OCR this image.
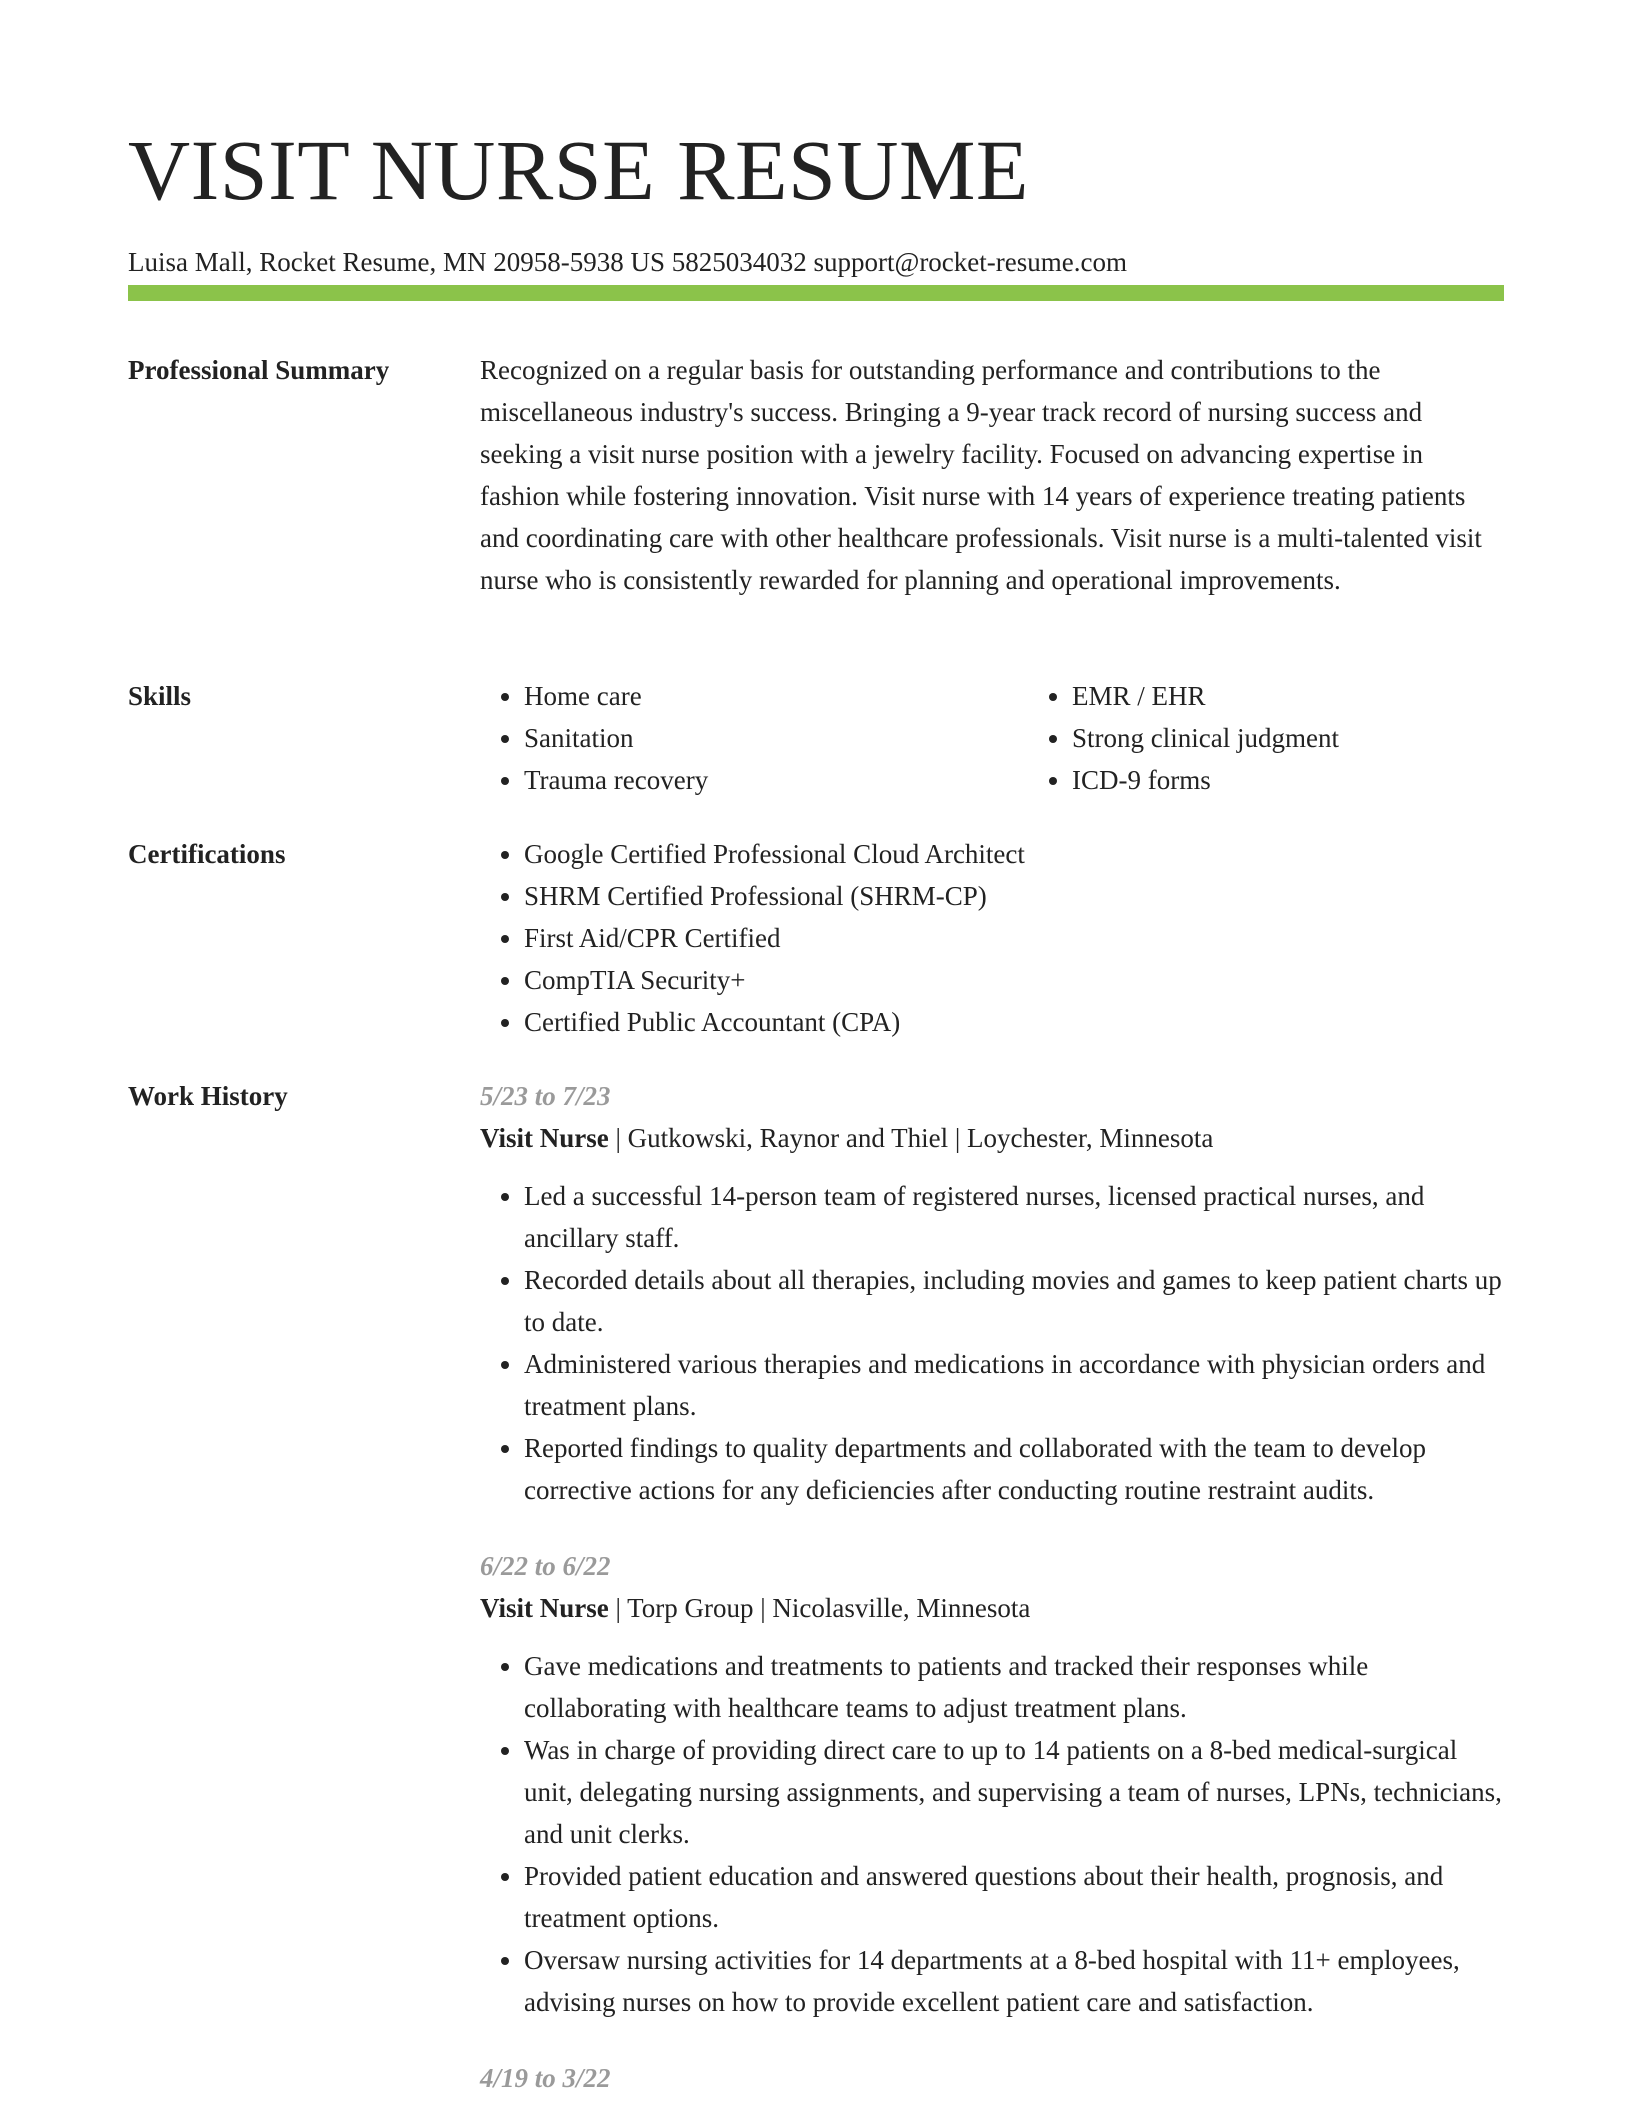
VISIT NURSE RESUME
Luisa Mall, Rocket Resume, MN 20958-5938 US 5825034032 support@rocket-resume.com
Professional Summary	Recognized on a regular basis for outstanding performance and contributions to the miscellaneous industry's success. Bringing a 9-year track record of nursing success and seeking a visit nurse position with a jewelry facility. Focused on advancing expertise in fashion while fostering innovation. Visit nurse with 14 years of experience treating patients and coordinating care with other healthcare professionals. Visit nurse is a multi-talented visit nurse who is consistently rewarded for planning and operational improvements.

Skills	• Home care
• Sanitation
• Trauma recovery
• EMR / EHR
• Strong clinical judgment
• ICD-9 forms
Certifications	• Google Certified Professional Cloud Architect
• SHRM Certified Professional (SHRM-CP)
• First Aid/CPR Certified
• CompTIA Security+
• Certified Public Accountant (CPA)
Work History	5/23 to 7/23
Visit Nurse | Gutkowski, Raynor and Thiel | Loychester, Minnesota
• Led a successful 14-person team of registered nurses, licensed practical nurses, and ancillary staff.
• Recorded details about all therapies, including movies and games to keep patient charts up to date.
• Administered various therapies and medications in accordance with physician orders and treatment plans.
• Reported findings to quality departments and collaborated with the team to develop corrective actions for any deficiencies after conducting routine restraint audits.
6/22 to 6/22
Visit Nurse | Torp Group | Nicolasville, Minnesota
• Gave medications and treatments to patients and tracked their responses while collaborating with healthcare teams to adjust treatment plans.
• Was in charge of providing direct care to up to 14 patients on a 8-bed medical-surgical unit, delegating nursing assignments, and supervising a team of nurses, LPNs, technicians, and unit clerks.
• Provided patient education and answered questions about their health, prognosis, and treatment options.
• Oversaw nursing activities for 14 departments at a 8-bed hospital with 11+ employees, advising nurses on how to provide excellent patient care and satisfaction.
4/19 to 3/22
